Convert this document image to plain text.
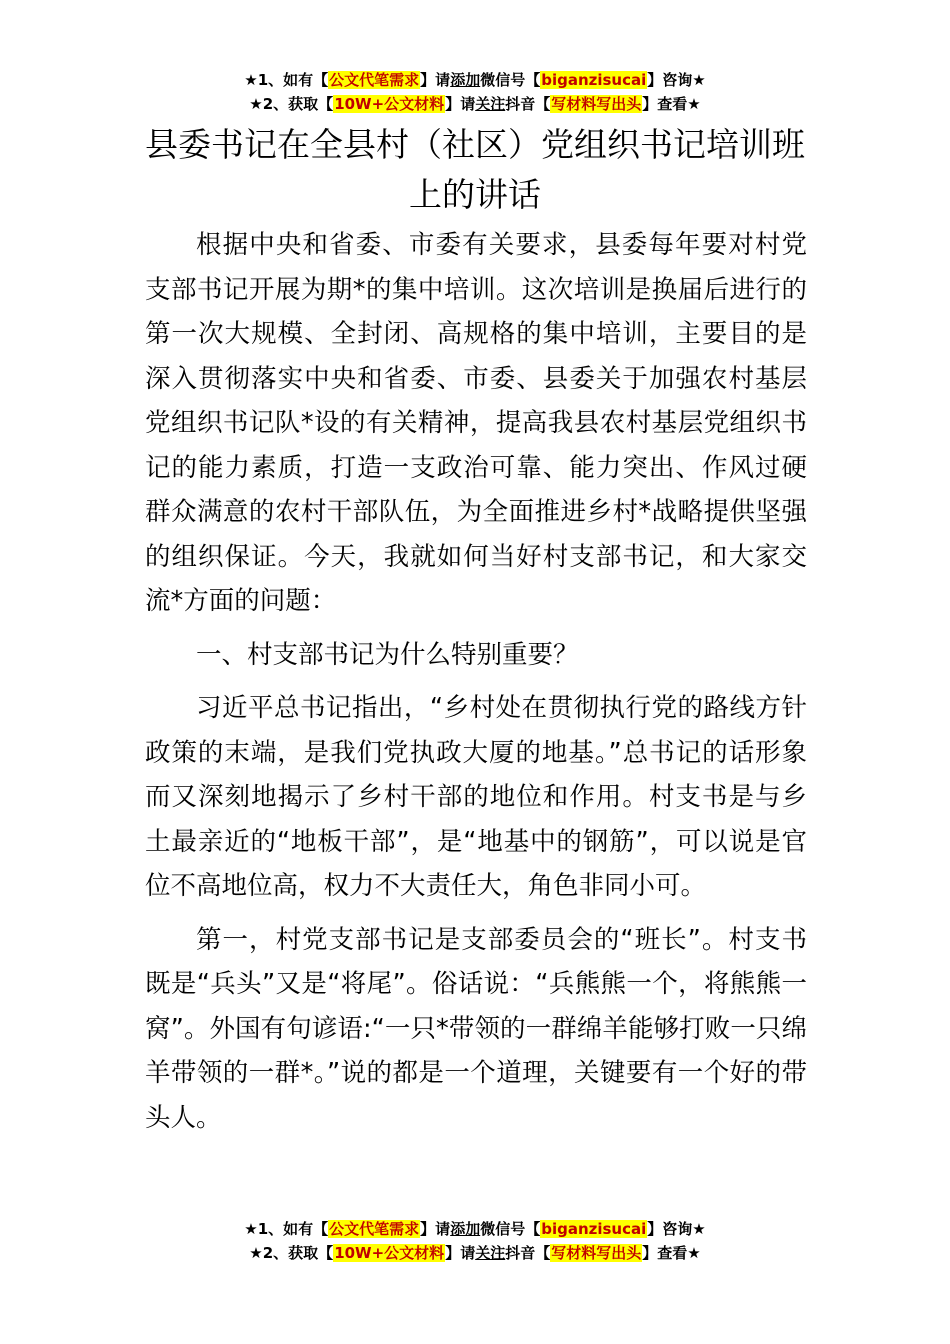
★1、如有【公文代笔需求】请添加微信号【biganzisucai】咨询★
★2、获取【10W+公文材料】请关注抖音【写材料写出头】查看★
县委书记在全县村（社区）党组织书记培训班上的讲话

根据中央和省委、市委有关要求，县委每年要对村党支部书记开展为期*的集中培训。这次培训是换届后进行的第一次大规模、全封闭、高规格的集中培训，主要目的是深入贯彻落实中央和省委、市委、县委关于加强农村基层党组织书记队*设的有关精神，提高我县农村基层党组织书记的能力素质，打造一支政治可靠、能力突出、作风过硬群众满意的农村干部队伍，为全面推进乡村*战略提供坚强的组织保证。今天，我就如何当好村支部书记，和大家交流*方面的问题：

一、村支部书记为什么特别重要？

习近平总书记指出，“乡村处在贯彻执行党的路线方针政策的末端，是我们党执政大厦的地基。”总书记的话形象而又深刻地揭示了乡村干部的地位和作用。村支书是与乡土最亲近的“地板干部”，是“地基中的钢筋”，可以说是官位不高地位高，权力不大责任大，角色非同小可。

第一，村党支部书记是支部委员会的“班长”。村支书既是“兵头”又是“将尾”。俗话说：“兵熊熊一个，将熊熊一窝”。外国有句谚语:“一只*带领的一群绵羊能够打败一只绵羊带领的一群*。”说的都是一个道理，关键要有一个好的带头人。

★1、如有【公文代笔需求】请添加微信号【biganzisucai】咨询★
★2、获取【10W+公文材料】请关注抖音【写材料写出头】查看★
